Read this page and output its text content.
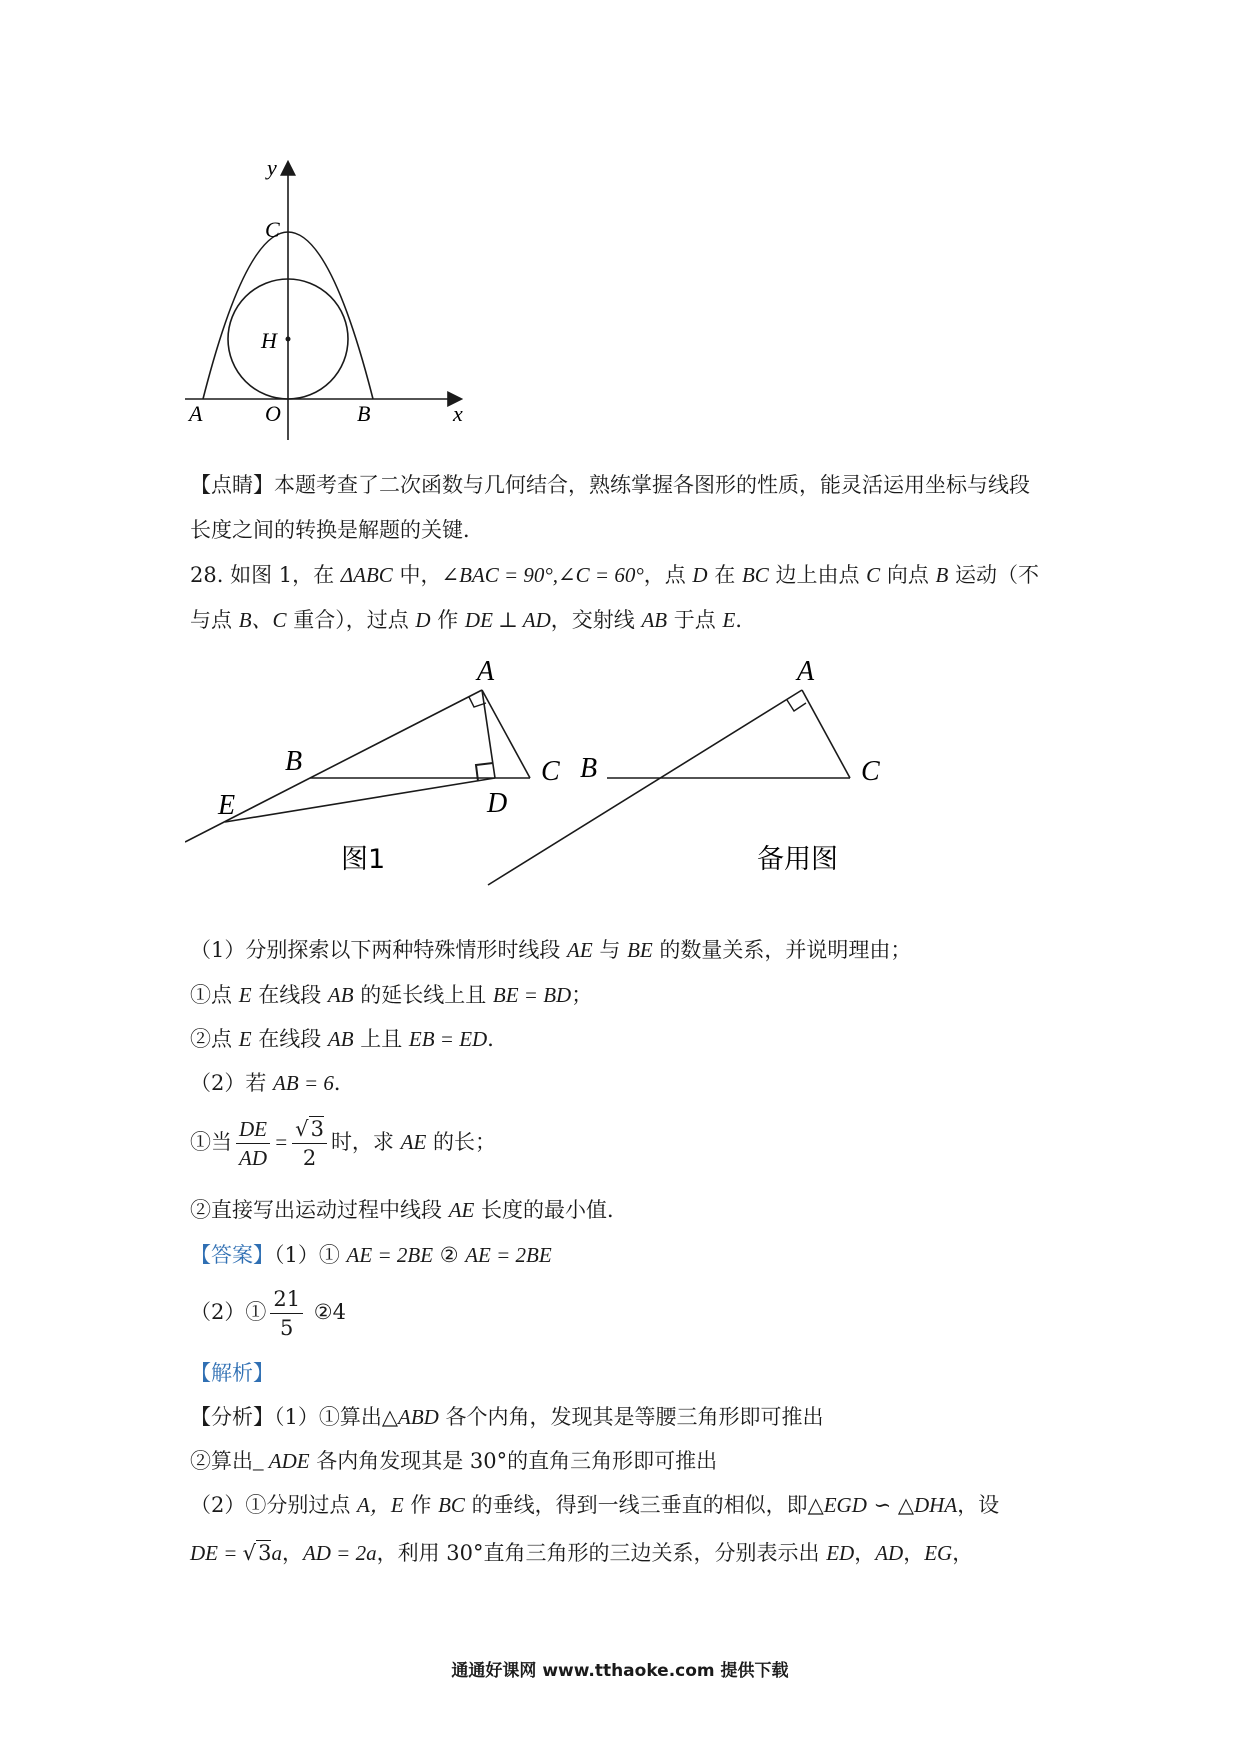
y
x
C
H
A	O	B
【点睛】本题考查了二次函数与几何结合，熟练掌握各图形的性质，能灵活运用坐标与线段
长度之间的转换是解题的关键．
28. 如图 1，在 ΔABC 中，∠BAC = 90°,∠C = 60°，点 D 在 BC 边上由点 C 向点 B 运动（不
与点 B、C 重合），过点 D 作 DE ⊥ AD，交射线 AB 于点 E．
A
B	C
D
E
图1
A
B	C
备用图
（1）分别探索以下两种特殊情形时线段 AE 与 BE 的数量关系，并说明理由；
①点 E 在线段 AB 的延长线上且 BE = BD；
②点 E 在线段 AB 上且 EB = ED．
（2）若 AB = 6．
①当 $\frac{DE}{AD} = \frac{√3}{2}$ 时，求 AE 的长；
②直接写出运动过程中线段 AE 长度的最小值．
【答案】（1）① AE = 2BE ② AE = 2BE
（2）① $\frac{21}{5}$ ②4
【解析】
【分析】（1）①算出△ABD 各个内角，发现其是等腰三角形即可推出
②算出_ ADE 各内角发现其是 30°的直角三角形即可推出
（2）①分别过点 A，E 作 BC 的垂线，得到一线三垂直的相似，即△EGD ∽ △DHA，设
DE = √3a，AD = 2a，利用 30°直角三角形的三边关系，分别表示出 ED，AD，EG，
通通好课网 www.tthaoke.com 提供下载
